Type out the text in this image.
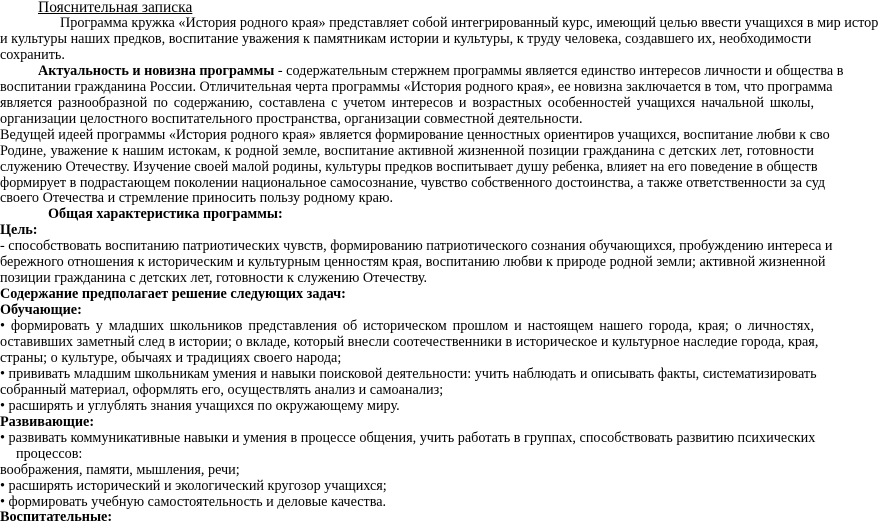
Пояснительная записка
Программа кружка «История родного края» представляет собой интегрированный курс, имеющий целью ввести учащихся в мир истор
и культуры наших предков, воспитание уважения к памятникам истории и культуры, к труду человека, создавшего их, необходимости
сохранить.
Актуальность и новизна программы - содержательным стержнем программы является единство интересов личности и общества в
воспитании гражданина России. Отличительная черта программы «История родного края», ее новизна заключается в том, что программа
является разнообразной по содержанию, составлена с учетом интересов и возрастных особенностей учащихся начальной школы,
организации целостного воспитательного пространства, организации совместной деятельности.
Ведущей идеей программы «История родного края» является формирование ценностных ориентиров учащихся, воспитание любви к сво
Родине, уважение к нашим истокам, к родной земле, воспитание активной жизненной позиции гражданина с детских лет, готовности
служению Отечеству. Изучение своей малой родины, культуры предков воспитывает душу ребенка, влияет на его поведение в обществ
формирует в подрастающем поколении национальное самосознание, чувство собственного достоинства, а также ответственности за суд
своего Отечества и стремление приносить пользу родному краю.
Общая характеристика программы:
Цель:
- способствовать воспитанию патриотических чувств, формированию патриотического сознания обучающихся, пробуждению интереса и
бережного отношения к историческим и культурным ценностям края, воспитанию любви к природе родной земли; активной жизненной
позиции гражданина с детских лет, готовности к служению Отечеству.
Содержание предполагает решение следующих задач:
Обучающие:
• формировать у младших школьников представления об историческом прошлом и настоящем нашего города, края; о личностях,
оставивших заметный след в истории; о вкладе, который внесли соотечественники в историческое и культурное наследие города, края,
страны; о культуре, обычаях и традициях своего народа;
• прививать младшим школьникам умения и навыки поисковой деятельности: учить наблюдать и описывать факты, систематизировать
собранный материал, оформлять его, осуществлять анализ и самоанализ;
• расширять и углублять знания учащихся по окружающему миру.
Развивающие:
• развивать коммуникативные навыки и умения в процессе общения, учить работать в группах, способствовать развитию психических
процессов:
воображения, памяти, мышления, речи;
• расширять исторический и экологический кругозор учащихся;
• формировать учебную самостоятельность и деловые качества.
Воспитательные:
